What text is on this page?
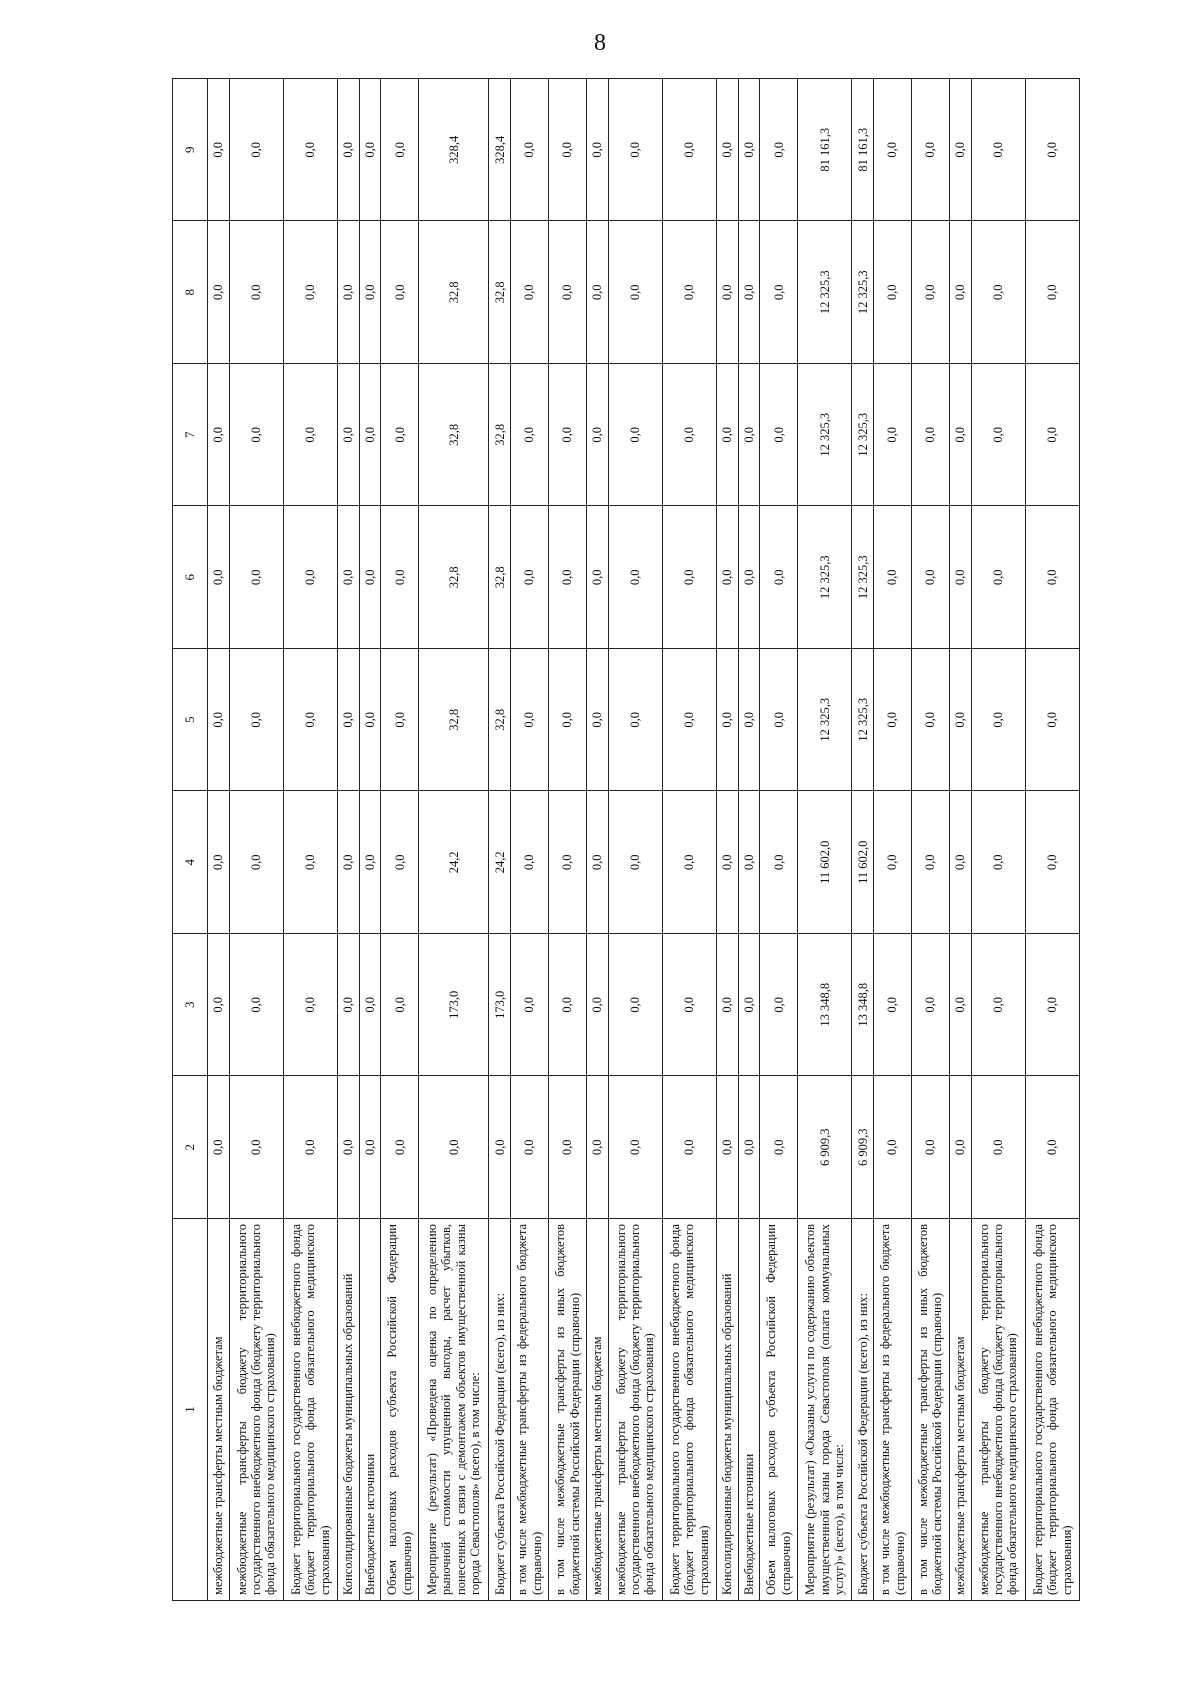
8
1	2	3	4	5	6	7	8	9
межбюджетные трансферты местным бюджетам	0,0	0,0	0,0	0,0	0,0	0,0	0,0	0,0
межбюджетные трансферты бюджету территориального государственного внебюджетного фонда (бюджету территориального фонда обязательного медицинского страхования)	0,0	0,0	0,0	0,0	0,0	0,0	0,0	0,0
Бюджет территориального государственного внебюджетного фонда (бюджет территориального фонда обязательного медицинского страхования)	0,0	0,0	0,0	0,0	0,0	0,0	0,0	0,0
Консолидированные бюджеты муниципальных образований	0,0	0,0	0,0	0,0	0,0	0,0	0,0	0,0
Внебюджетные источники	0,0	0,0	0,0	0,0	0,0	0,0	0,0	0,0
Объем налоговых расходов субъекта Российской Федерации (справочно)	0,0	0,0	0,0	0,0	0,0	0,0	0,0	0,0
Мероприятие (результат) «Проведена оценка по определению рыночной стоимости упущенной выгоды, расчет убытков, понесенных в связи с демонтажем объектов имущественной казны города Севастополя» (всего), в том числе:	0,0	173,0	24,2	32,8	32,8	32,8	32,8	328,4
Бюджет субъекта Российской Федерации (всего), из них:	0,0	173,0	24,2	32,8	32,8	32,8	32,8	328,4
в том числе межбюджетные трансферты из федерального бюджета (справочно)	0,0	0,0	0,0	0,0	0,0	0,0	0,0	0,0
в том числе межбюджетные трансферты из иных бюджетов бюджетной системы Российской Федерации (справочно)	0,0	0,0	0,0	0,0	0,0	0,0	0,0	0,0
межбюджетные трансферты местным бюджетам	0,0	0,0	0,0	0,0	0,0	0,0	0,0	0,0
межбюджетные трансферты бюджету территориального государственного внебюджетного фонда (бюджету территориального фонда обязательного медицинского страхования)	0,0	0,0	0,0	0,0	0,0	0,0	0,0	0,0
Бюджет территориального государственного внебюджетного фонда (бюджет территориального фонда обязательного медицинского страхования)	0,0	0,0	0,0	0,0	0,0	0,0	0,0	0,0
Консолидированные бюджеты муниципальных образований	0,0	0,0	0,0	0,0	0,0	0,0	0,0	0,0
Внебюджетные источники	0,0	0,0	0,0	0,0	0,0	0,0	0,0	0,0
Объем налоговых расходов субъекта Российской Федерации (справочно)	0,0	0,0	0,0	0,0	0,0	0,0	0,0	0,0
Мероприятие (результат) «Оказаны услуги по содержанию объектов имущественной казны города Севастополя (оплата коммунальных услуг)» (всего), в том числе:	6 909,3	13 348,8	11 602,0	12 325,3	12 325,3	12 325,3	12 325,3	81 161,3
Бюджет субъекта Российской Федерации (всего), из них:	6 909,3	13 348,8	11 602,0	12 325,3	12 325,3	12 325,3	12 325,3	81 161,3
в том числе межбюджетные трансферты из федерального бюджета (справочно)	0,0	0,0	0,0	0,0	0,0	0,0	0,0	0,0
в том числе межбюджетные трансферты из иных бюджетов бюджетной системы Российской Федерации (справочно)	0,0	0,0	0,0	0,0	0,0	0,0	0,0	0,0
межбюджетные трансферты местным бюджетам	0,0	0,0	0,0	0,0	0,0	0,0	0,0	0,0
межбюджетные трансферты бюджету территориального государственного внебюджетного фонда (бюджету территориального фонда обязательного медицинского страхования)	0,0	0,0	0,0	0,0	0,0	0,0	0,0	0,0
Бюджет территориального государственного внебюджетного фонда (бюджет территориального фонда обязательного медицинского страхования)	0,0	0,0	0,0	0,0	0,0	0,0	0,0	0,0
